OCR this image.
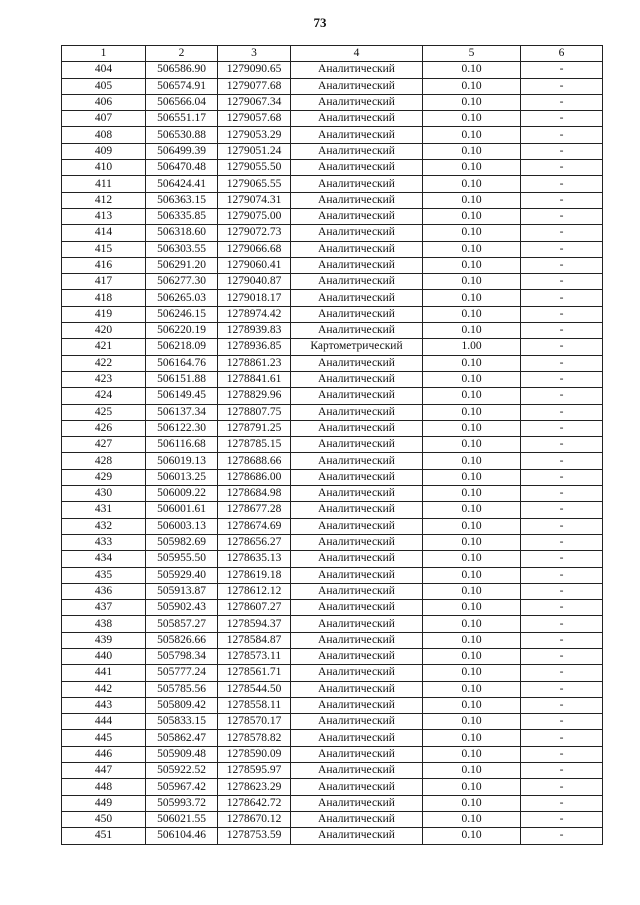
73
1	2	3	4	5	6
404	506586.90	1279090.65	Аналитический	0.10	-
405	506574.91	1279077.68	Аналитический	0.10	-
406	506566.04	1279067.34	Аналитический	0.10	-
407	506551.17	1279057.68	Аналитический	0.10	-
408	506530.88	1279053.29	Аналитический	0.10	-
409	506499.39	1279051.24	Аналитический	0.10	-
410	506470.48	1279055.50	Аналитический	0.10	-
411	506424.41	1279065.55	Аналитический	0.10	-
412	506363.15	1279074.31	Аналитический	0.10	-
413	506335.85	1279075.00	Аналитический	0.10	-
414	506318.60	1279072.73	Аналитический	0.10	-
415	506303.55	1279066.68	Аналитический	0.10	-
416	506291.20	1279060.41	Аналитический	0.10	-
417	506277.30	1279040.87	Аналитический	0.10	-
418	506265.03	1279018.17	Аналитический	0.10	-
419	506246.15	1278974.42	Аналитический	0.10	-
420	506220.19	1278939.83	Аналитический	0.10	-
421	506218.09	1278936.85	Картометрический	1.00	-
422	506164.76	1278861.23	Аналитический	0.10	-
423	506151.88	1278841.61	Аналитический	0.10	-
424	506149.45	1278829.96	Аналитический	0.10	-
425	506137.34	1278807.75	Аналитический	0.10	-
426	506122.30	1278791.25	Аналитический	0.10	-
427	506116.68	1278785.15	Аналитический	0.10	-
428	506019.13	1278688.66	Аналитический	0.10	-
429	506013.25	1278686.00	Аналитический	0.10	-
430	506009.22	1278684.98	Аналитический	0.10	-
431	506001.61	1278677.28	Аналитический	0.10	-
432	506003.13	1278674.69	Аналитический	0.10	-
433	505982.69	1278656.27	Аналитический	0.10	-
434	505955.50	1278635.13	Аналитический	0.10	-
435	505929.40	1278619.18	Аналитический	0.10	-
436	505913.87	1278612.12	Аналитический	0.10	-
437	505902.43	1278607.27	Аналитический	0.10	-
438	505857.27	1278594.37	Аналитический	0.10	-
439	505826.66	1278584.87	Аналитический	0.10	-
440	505798.34	1278573.11	Аналитический	0.10	-
441	505777.24	1278561.71	Аналитический	0.10	-
442	505785.56	1278544.50	Аналитический	0.10	-
443	505809.42	1278558.11	Аналитический	0.10	-
444	505833.15	1278570.17	Аналитический	0.10	-
445	505862.47	1278578.82	Аналитический	0.10	-
446	505909.48	1278590.09	Аналитический	0.10	-
447	505922.52	1278595.97	Аналитический	0.10	-
448	505967.42	1278623.29	Аналитический	0.10	-
449	505993.72	1278642.72	Аналитический	0.10	-
450	506021.55	1278670.12	Аналитический	0.10	-
451	506104.46	1278753.59	Аналитический	0.10	-
